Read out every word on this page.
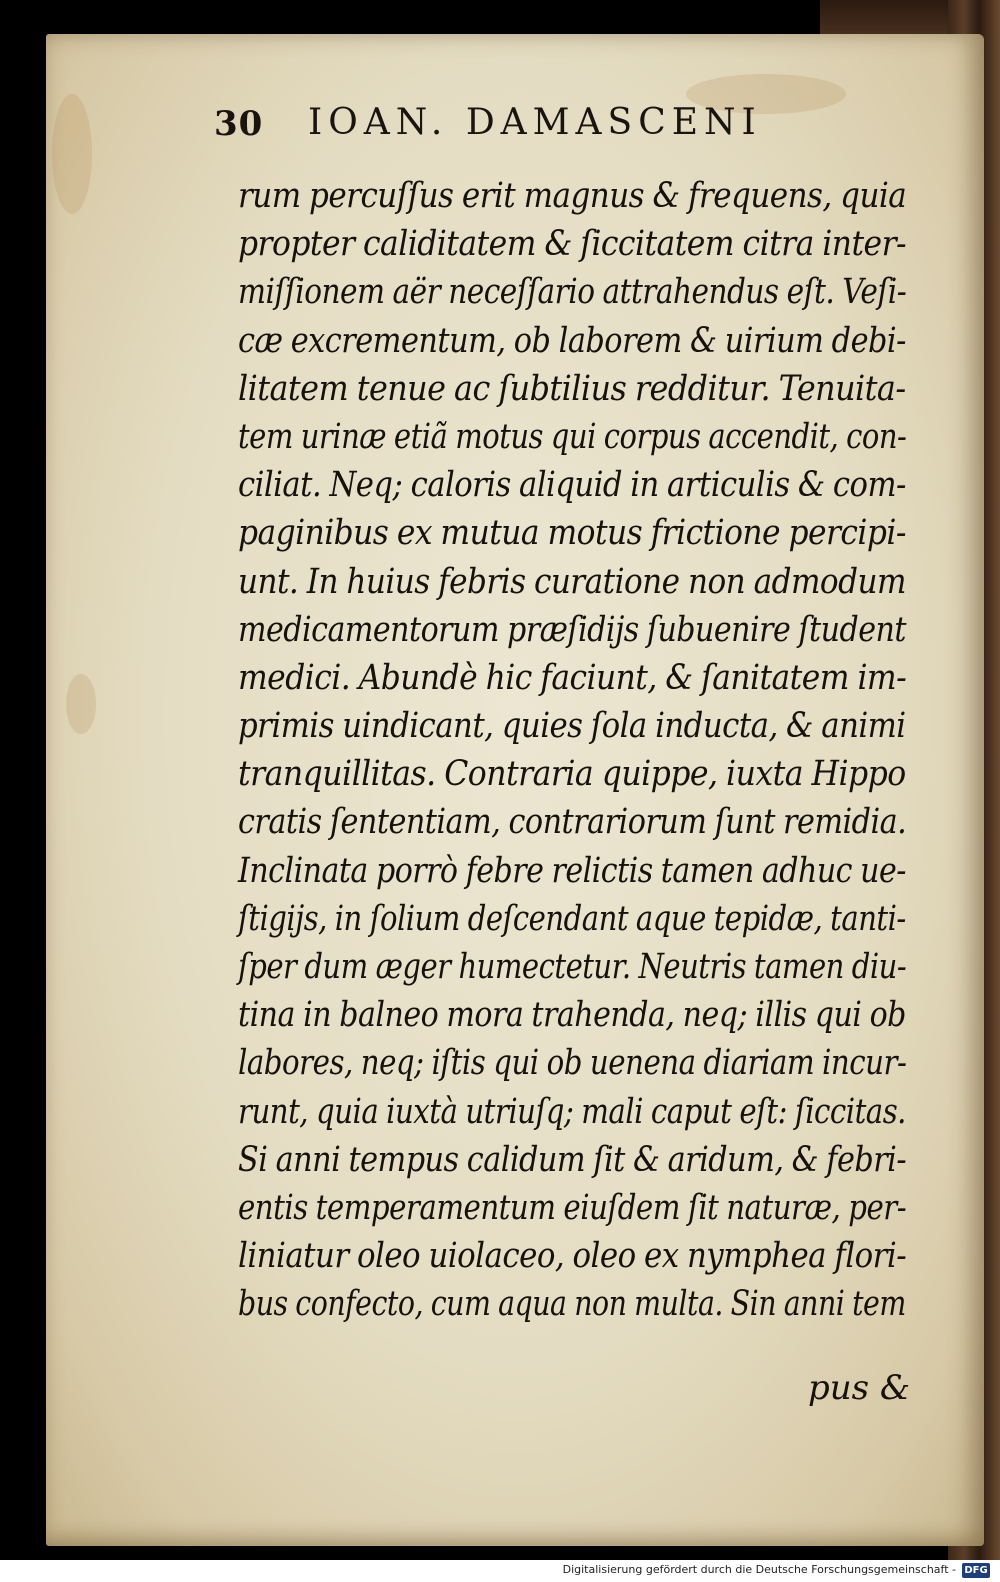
30 IOAN. DAMASCENI
rum percuſſus erit magnus & frequens, quia
propter caliditatem & ſiccitatem citra inter-
miſſionem aër neceſſario attrahendus eſt. Veſi-
cæ excrementum, ob laborem & uirium debi-
litatem tenue ac ſubtilius redditur. Tenuita-
tem urinæ etiã motus qui corpus accendit, con-
ciliat. Neq; caloris aliquid in articulis & com-
paginibus ex mutua motus frictione percipi-
unt. In huius febris curatione non admodum
medicamentorum præſidijs ſubuenire ſtudent
medici. Abundè hic faciunt, & ſanitatem im-
primis uindicant, quies ſola inducta, & animi
tranquillitas. Contraria quippe, iuxta Hippo
cratis ſententiam, contrariorum ſunt remidia.
Inclinata porrò febre relictis tamen adhuc ue-
ſtigijs, in ſolium deſcendant aque tepidæ, tanti-
ſper dum æger humectetur. Neutris tamen diu-
tina in balneo mora trahenda, neq; illis qui ob
labores, neq; iſtis qui ob uenena diariam incur-
runt, quia iuxtà utriuſq; mali caput eſt: ſiccitas.
Si anni tempus calidum ſit & aridum, & febri-
entis temperamentum eiuſdem ſit naturæ, per-
liniatur oleo uiolaceo, oleo ex nymphea flori-
bus confecto, cum aqua non multa. Sin anni tem
pus &
Digitalisierung gefördert durch die Deutsche Forschungsgemeinschaft - DFG
